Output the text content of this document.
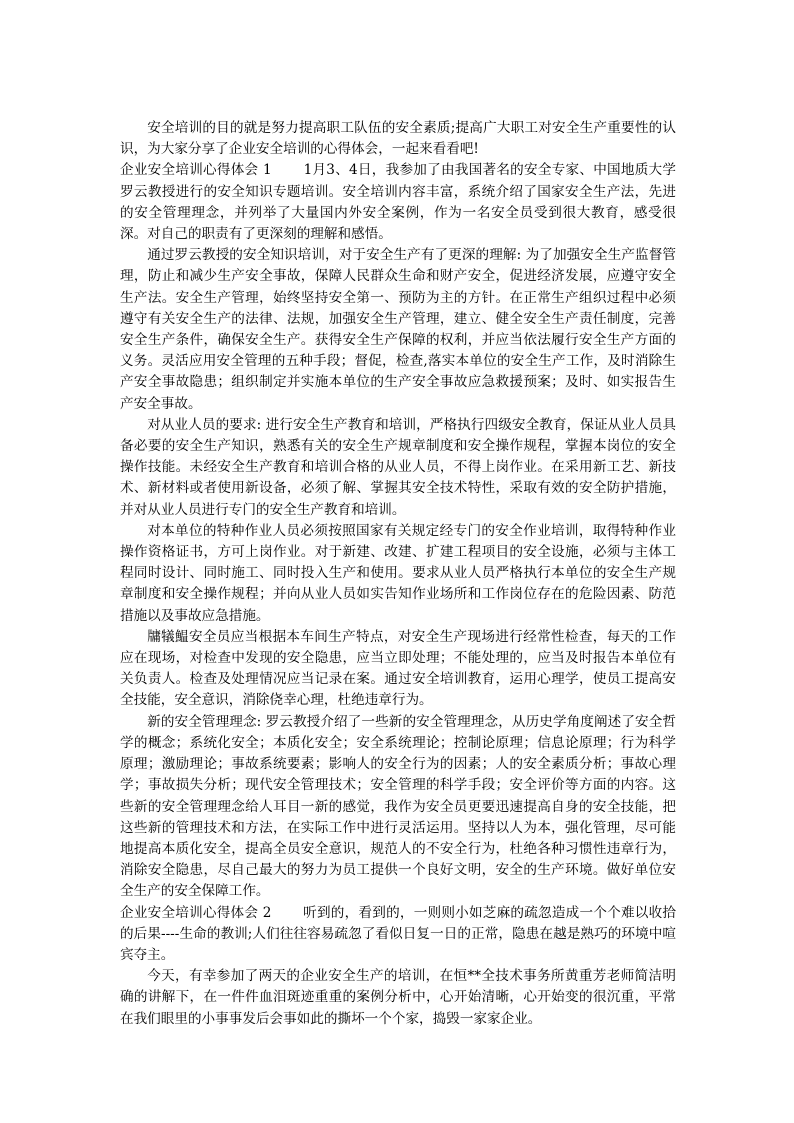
安全培训的目的就是努力提高职工队伍的安全素质;提高广大职工对安全生产重要性的认识，为大家分享了企业安全培训的心得体会，一起来看看吧!

企业安全培训心得体会 1 1月3、4日，我参加了由我国著名的安全专家、中国地质大学罗云教授进行的安全知识专题培训。安全培训内容丰富，系统介绍了国家安全生产法，先进的安全管理理念，并列举了大量国内外安全案例，作为一名安全员受到很大教育，感受很深。对自己的职责有了更深刻的理解和感悟。

通过罗云教授的安全知识培训，对于安全生产有了更深的理解: 为了加强安全生产监督管理，防止和减少生产安全事故，保障人民群众生命和财产安全，促进经济发展，应遵守安全生产法。安全生产管理，始终坚持安全第一、预防为主的方针。在正常生产组织过程中必须遵守有关安全生产的法律、法规，加强安全生产管理，建立、健全安全生产责任制度，完善安全生产条件，确保安全生产。获得安全生产保障的权利，并应当依法履行安全生产方面的义务。灵活应用安全管理的五种手段；督促，检查,落实本单位的安全生产工作，及时消除生产安全事故隐患；组织制定并实施本单位的生产安全事故应急救援预案；及时、如实报告生产安全事故。

对从业人员的要求: 进行安全生产教育和培训，严格执行四级安全教育，保证从业人员具备必要的安全生产知识，熟悉有关的安全生产规章制度和安全操作规程，掌握本岗位的安全操作技能。未经安全生产教育和培训合格的从业人员，不得上岗作业。在采用新工艺、新技术、新材料或者使用新设备，必须了解、掌握其安全技术特性，采取有效的安全防护措施，并对从业人员进行专门的安全生产教育和培训。

对本单位的特种作业人员必须按照国家有关规定经专门的安全作业培训，取得特种作业操作资格证书，方可上岗作业。对于新建、改建、扩建工程项目的安全设施，必须与主体工程同时设计、同时施工、同时投入生产和使用。要求从业人员严格执行本单位的安全生产规章制度和安全操作规程；并向从业人员如实告知作业场所和工作岗位存在的危险因素、防范措施以及事故应急措施。

牗犠鰛安全员应当根据本车间生产特点，对安全生产现场进行经常性检查，每天的工作应在现场，对检查中发现的安全隐患，应当立即处理；不能处理的，应当及时报告本单位有关负责人。检查及处理情况应当记录在案。通过安全培训教育，运用心理学，使员工提高安全技能，安全意识，消除侥幸心理，杜绝违章行为。

新的安全管理理念: 罗云教授介绍了一些新的安全管理理念，从历史学角度阐述了安全哲学的概念；系统化安全；本质化安全；安全系统理论；控制论原理；信息论原理；行为科学原理；激励理论；事故系统要素；影响人的安全行为的因素；人的安全素质分析；事故心理学；事故损失分析；现代安全管理技术；安全管理的科学手段；安全评价等方面的内容。这些新的安全管理理念给人耳目一新的感觉，我作为安全员更要迅速提高自身的安全技能，把这些新的管理技术和方法，在实际工作中进行灵活运用。坚持以人为本，强化管理，尽可能地提高本质化安全，提高全员安全意识，规范人的不安全行为，杜绝各种习惯性违章行为，消除安全隐患，尽自己最大的努力为员工提供一个良好文明，安全的生产环境。做好单位安全生产的安全保障工作。

企业安全培训心得体会 2 听到的，看到的，一则则小如芝麻的疏忽造成一个个难以收拾的后果----生命的教训;人们往往容易疏忽了看似日复一日的正常，隐患在越是熟巧的环境中喧宾夺主。

今天，有幸参加了两天的企业安全生产的培训，在恒**全技术事务所黄重芳老师简洁明确的讲解下，在一件件血泪斑迹重重的案例分析中，心开始清晰，心开始变的很沉重，平常在我们眼里的小事事发后会事如此的撕坏一个个家，捣毁一家家企业。
